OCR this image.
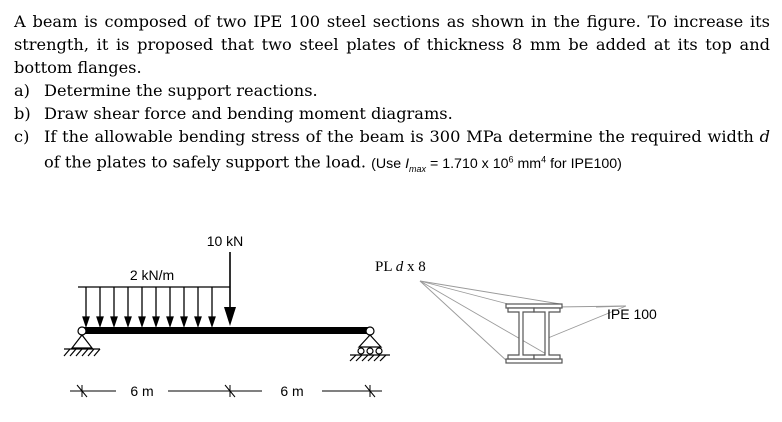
A beam is composed of two IPE 100 steel sections as shown in the figure. To increase its strength, it is proposed that two steel plates of thickness 8 mm be added at its top and bottom flanges.

a) Determine the support reactions.
b) Draw shear force and bending moment diagrams.
c) If the allowable bending stress of the beam is 300 MPa determine the required width d of the plates to safely support the load. (Use $I_{max} = 1.710$ x $10^6$ $mm^4$ for IPE100)
2 kN/m
10 kN
6 m	6 m
PL d x 8
IPE 100
